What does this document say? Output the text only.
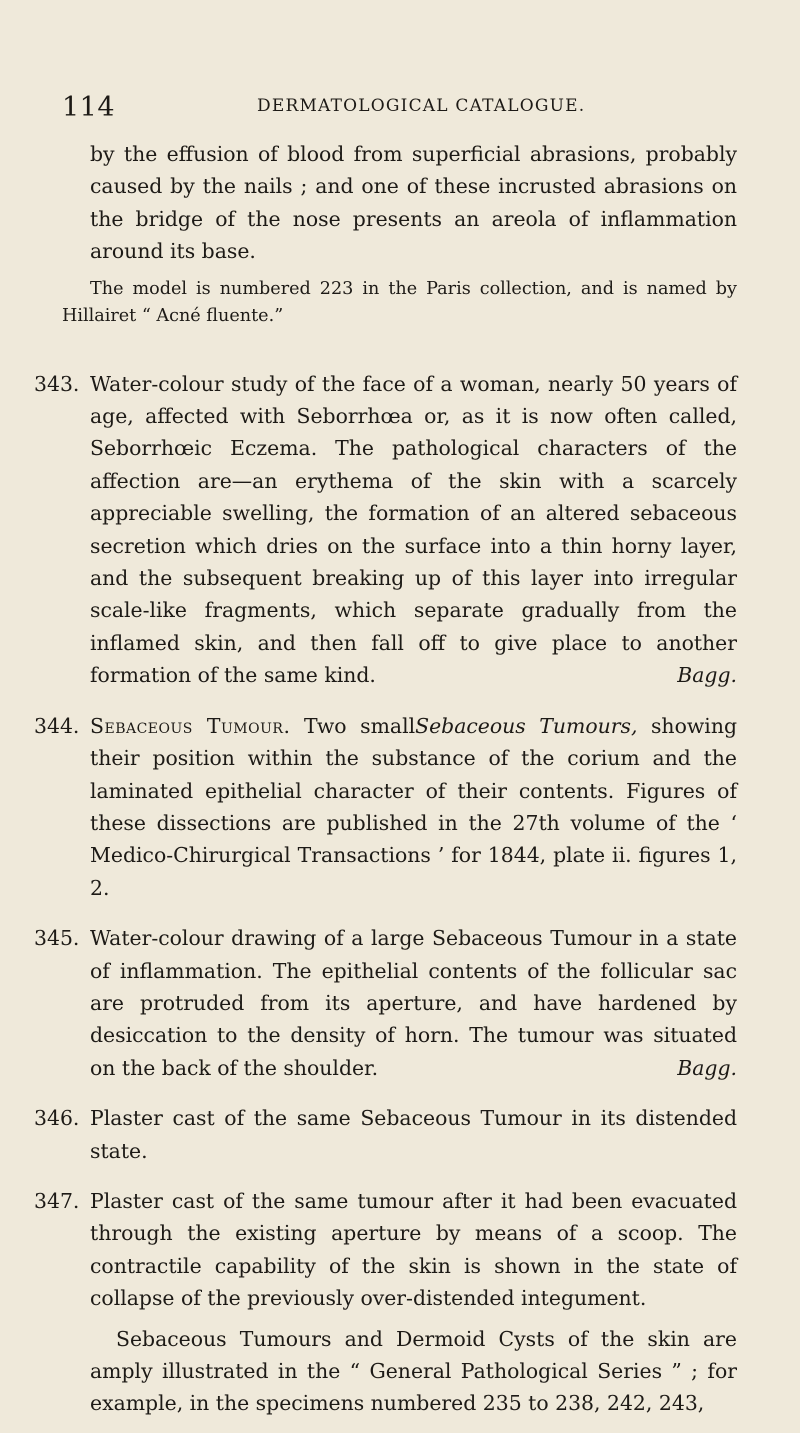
114	DERMATOLOGICAL CATALOGUE.

by the effusion of blood from superficial abrasions, probably caused by the nails ; and one of these incrusted abrasions on the bridge of the nose presents an areola of inflammation around its base.

The model is numbered 223 in the Paris collection, and is named by Hillairet “ Acné fluente.”

343. Water-colour study of the face of a woman, nearly 50 years of age, affected with Seborrhœa or, as it is now often called, Seborrhœic Eczema. The pathological characters of the affection are—an erythema of the skin with a scarcely appreciable swelling, the formation of an altered sebaceous secretion which dries on the surface into a thin horny layer, and the subsequent breaking up of this layer into irregular scale-like fragments, which separate gradually from the inflamed skin, and then fall off to give place to another formation of the same kind.	Bagg.

344. Sebaceous Tumour. Two smallSebaceous Tumours, showing their position within the substance of the corium and the laminated epithelial character of their contents. Figures of these dissections are published in the 27th volume of the ‘ Medico-Chirurgical Transactions ’ for 1844, plate ii. figures 1, 2.

345. Water-colour drawing of a large Sebaceous Tumour in a state of inflammation. The epithelial contents of the follicular sac are protruded from its aperture, and have hardened by desiccation to the density of horn. The tumour was situated on the back of the shoulder.	Bagg.

346. Plaster cast of the same Sebaceous Tumour in its distended state.

347. Plaster cast of the same tumour after it had been evacuated through the existing aperture by means of a scoop. The contractile capability of the skin is shown in the state of collapse of the previously over-distended integument.

Sebaceous Tumours and Dermoid Cysts of the skin are amply illustrated in the “ General Pathological Series ” ; for example, in the specimens numbered 235 to 238, 242, 243,
